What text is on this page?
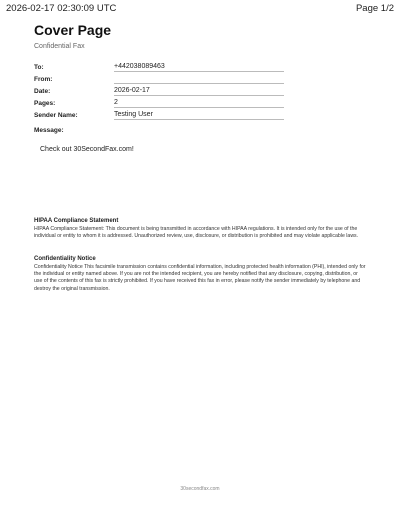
2026-02-17 02:30:09 UTC	Page 1/2
Cover Page
Confidential Fax
To:	+442038089463
From:
Date:	2026-02-17
Pages:	2
Sender Name:	Testing User
Message:
Check out 30SecondFax.com!
HIPAA Compliance Statement

HIPAA Compliance Statement: This document is being transmitted in accordance with HIPAA regulations. It is intended only for the use of the individual or entity to whom it is addressed. Unauthorized review, use, disclosure, or distribution is prohibited and may violate applicable laws.

Confidentiality Notice

Confidentiality Notice This facsimile transmission contains confidential information, including protected health information (PHI), intended only for the individual or entity named above. If you are not the intended recipient, you are hereby notified that any disclosure, copying, distribution, or use of the contents of this fax is strictly prohibited. If you have received this fax in error, please notify the sender immediately by telephone and destroy the original transmission.

30secondfax.com
